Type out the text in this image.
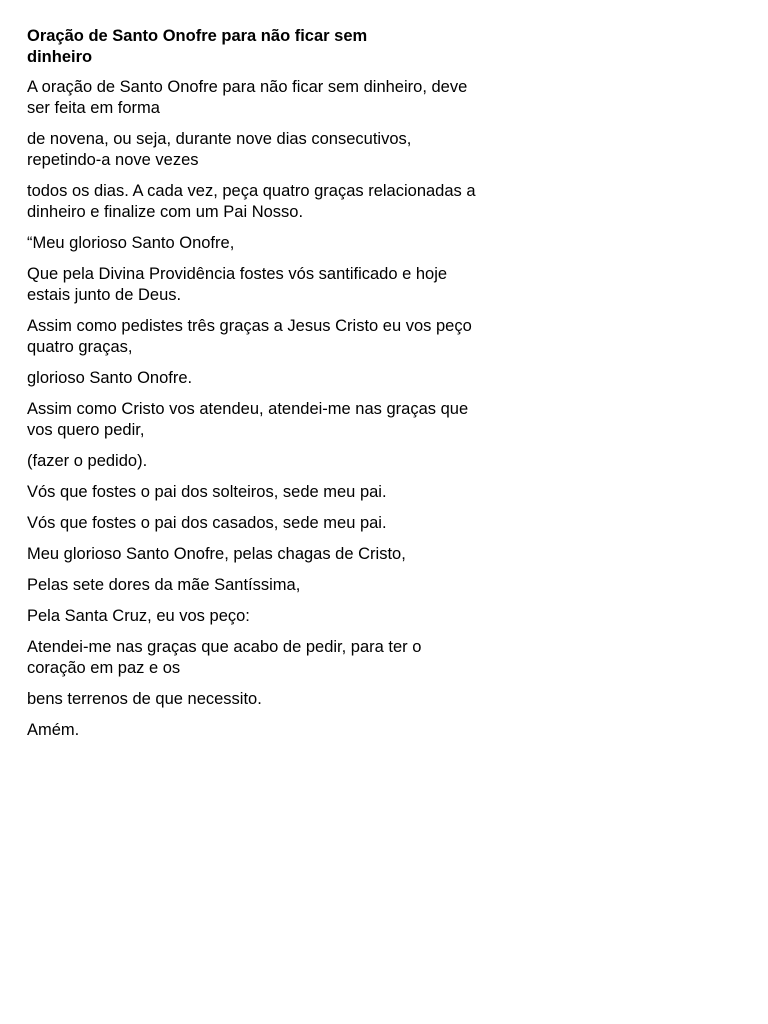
Oração de Santo Onofre para não ficar sem dinheiro
A oração de Santo Onofre para não ficar sem dinheiro, deve ser feita em forma
de novena, ou seja, durante nove dias consecutivos, repetindo-a nove vezes
todos os dias. A cada vez, peça quatro graças relacionadas a dinheiro e finalize com um Pai Nosso.
“Meu glorioso Santo Onofre,
Que pela Divina Providência fostes vós santificado e hoje estais junto de Deus.
Assim como pedistes três graças a Jesus Cristo eu vos peço quatro graças,
glorioso Santo Onofre.
Assim como Cristo vos atendeu, atendei-me nas graças que vos quero pedir,
(fazer o pedido).
Vós que fostes o pai dos solteiros, sede meu pai.
Vós que fostes o pai dos casados, sede meu pai.
Meu glorioso Santo Onofre, pelas chagas de Cristo,
Pelas sete dores da mãe Santíssima,
Pela Santa Cruz, eu vos peço:
Atendei-me nas graças que acabo de pedir, para ter o coração em paz e os
bens terrenos de que necessito.
Amém.
